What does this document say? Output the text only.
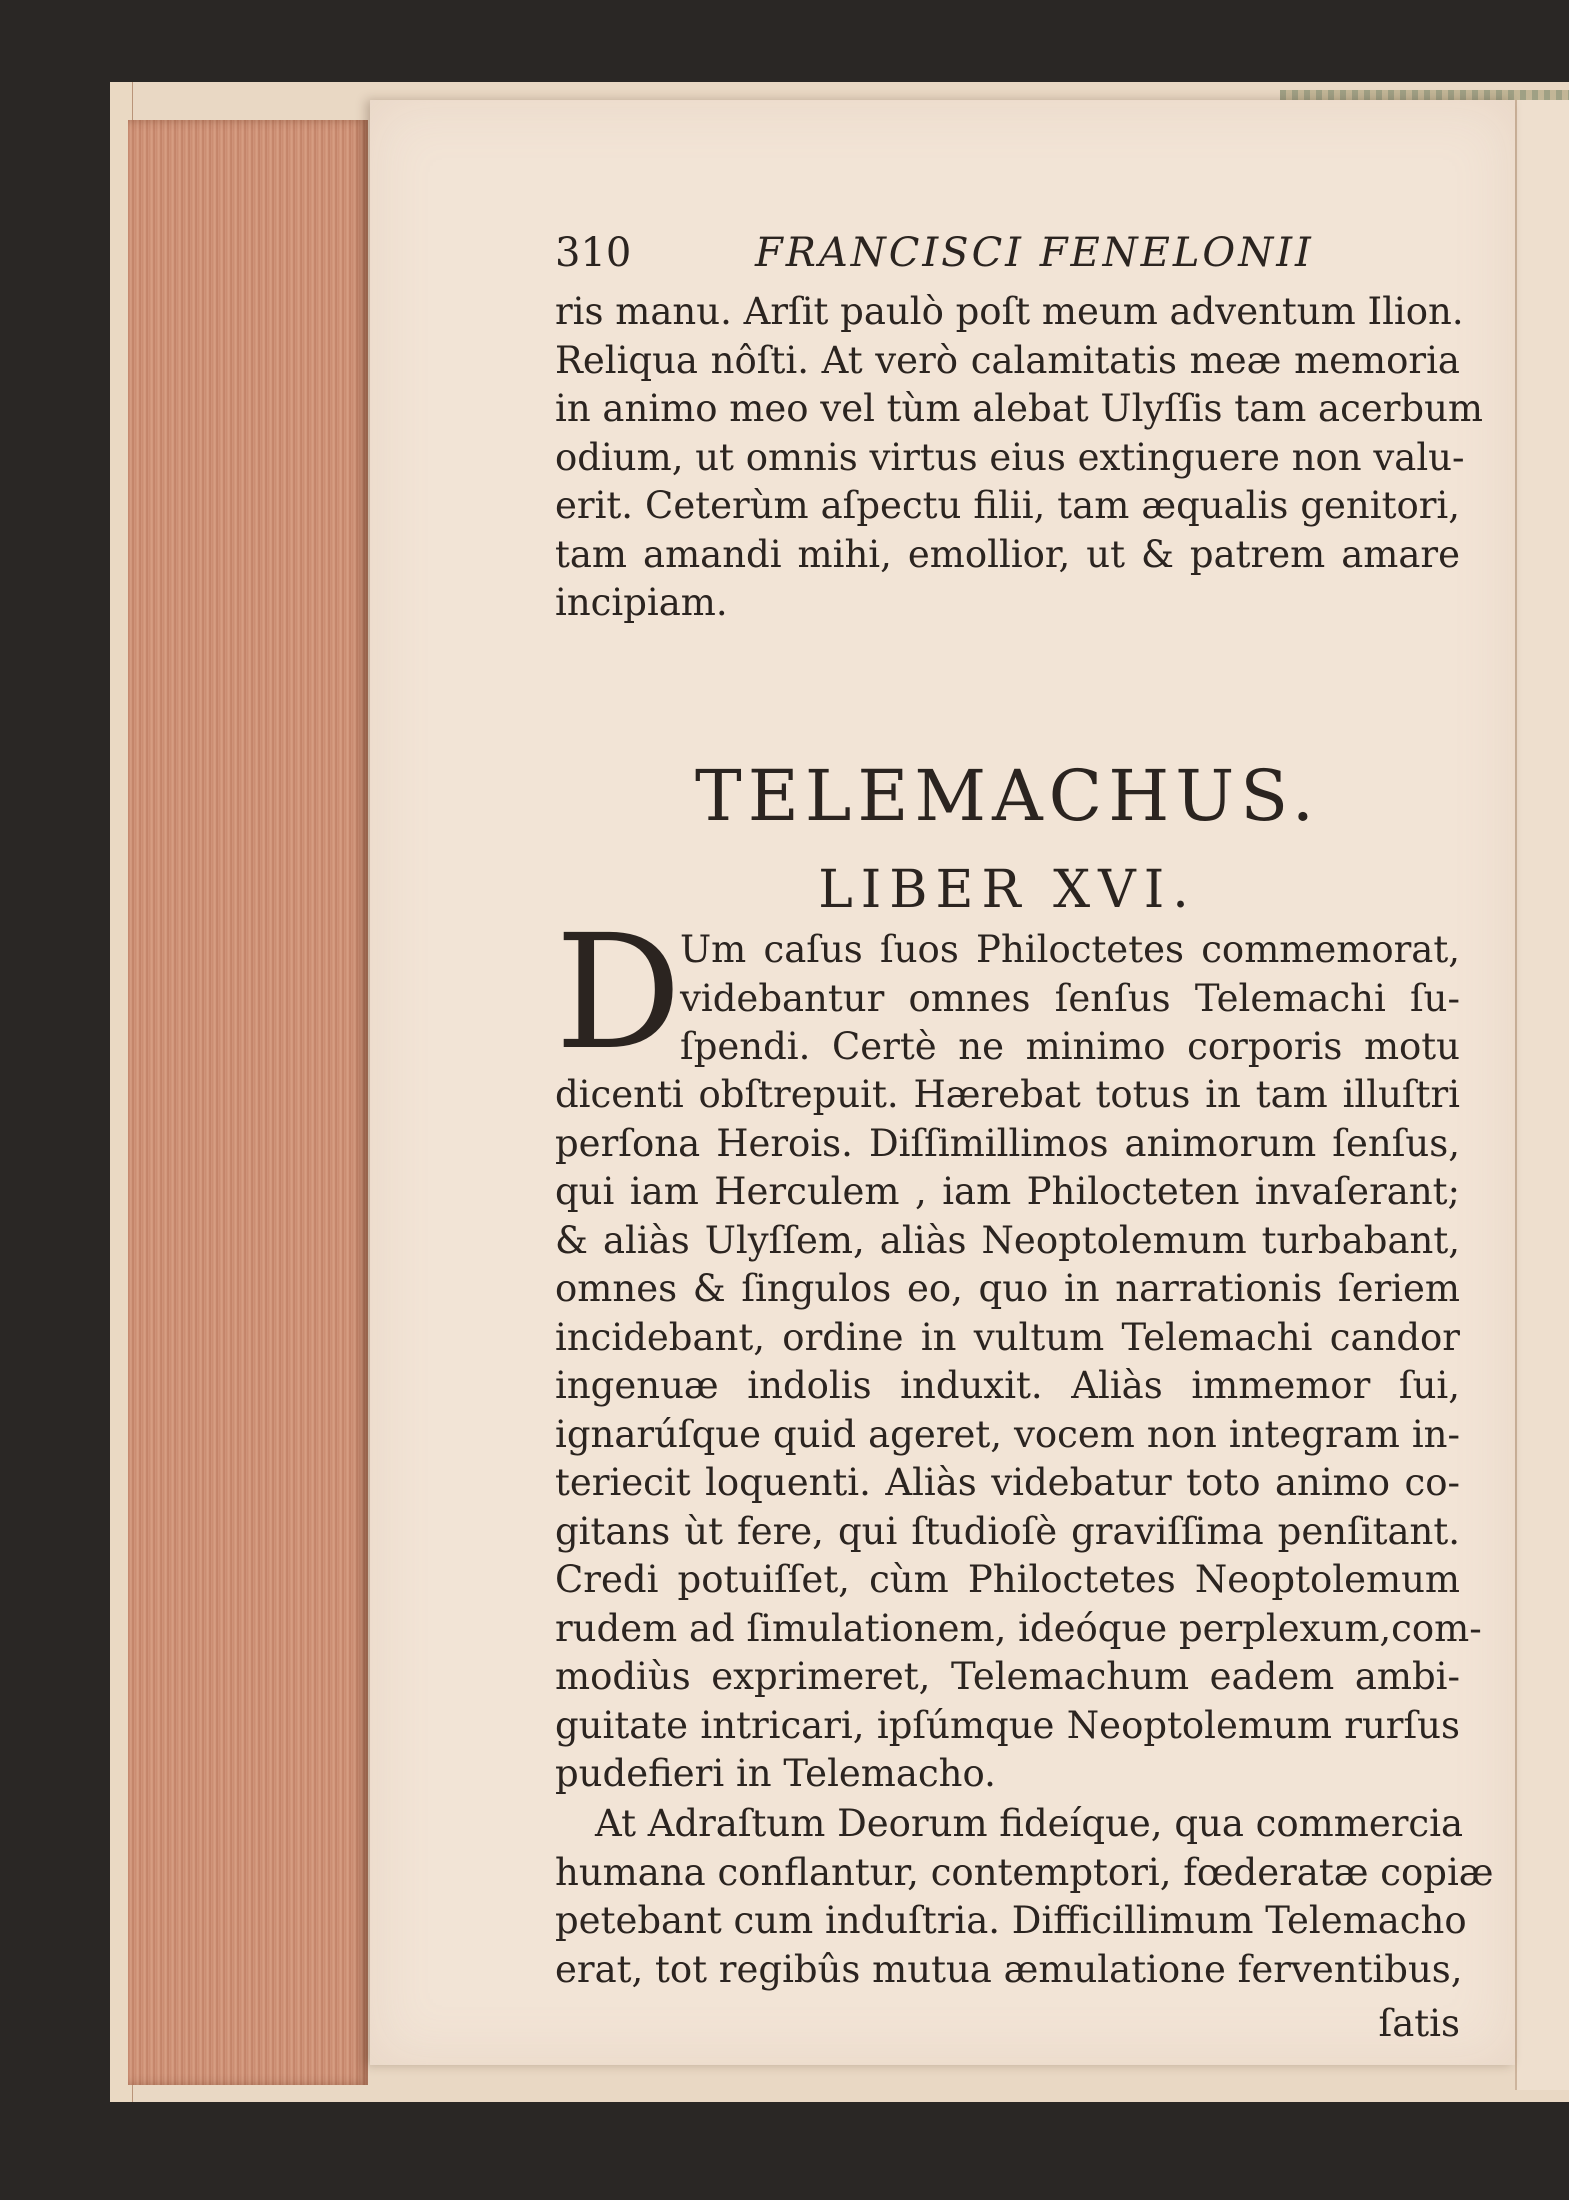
310	FRANCISCI FENELONII
ris manu. Arſit paulò poſt meum adventum Ilion.
Reliqua nôſti. At verò calamitatis meæ memoria
in animo meo vel tùm alebat Ulyſſis tam acerbum
odium, ut omnis virtus eius extinguere non valu-
erit. Ceterùm aſpectu filii, tam æqualis genitori,
tam amandi mihi, emollior, ut & patrem amare
incipiam.
TELEMACHUS.
LIBER XVI.
D
Um caſus ſuos Philoctetes commemorat,
videbantur omnes ſenſus Telemachi ſu-
ſpendi. Certè ne minimo corporis motu
dicenti obſtrepuit. Hærebat totus in tam illuſtri
perſona Herois. Diſſimillimos animorum ſenſus,
qui iam Herculem , iam Philocteten invaſerant;
& aliàs Ulyſſem, aliàs Neoptolemum turbabant,
omnes & ſingulos eo, quo in narrationis ſeriem
incidebant, ordine in vultum Telemachi candor
ingenuæ indolis induxit. Aliàs immemor ſui,
ignarúſque quid ageret, vocem non integram in-
teriecit loquenti. Aliàs videbatur toto animo co-
gitans ùt fere, qui ſtudioſè graviſſima penſitant.
Credi potuiſſet, cùm Philoctetes Neoptolemum
rudem ad ſimulationem, ideóque perplexum,com-
modiùs exprimeret, Telemachum eadem ambi-
guitate intricari, ipſúmque Neoptolemum rurſus
pudefieri in Telemacho.
At Adraſtum Deorum fideíque, qua commercia
humana conflantur, contemptori, fœderatæ copiæ
petebant cum induſtria. Difficillimum Telemacho
erat, tot regibûs mutua æmulatione ferventibus,
ſatis
